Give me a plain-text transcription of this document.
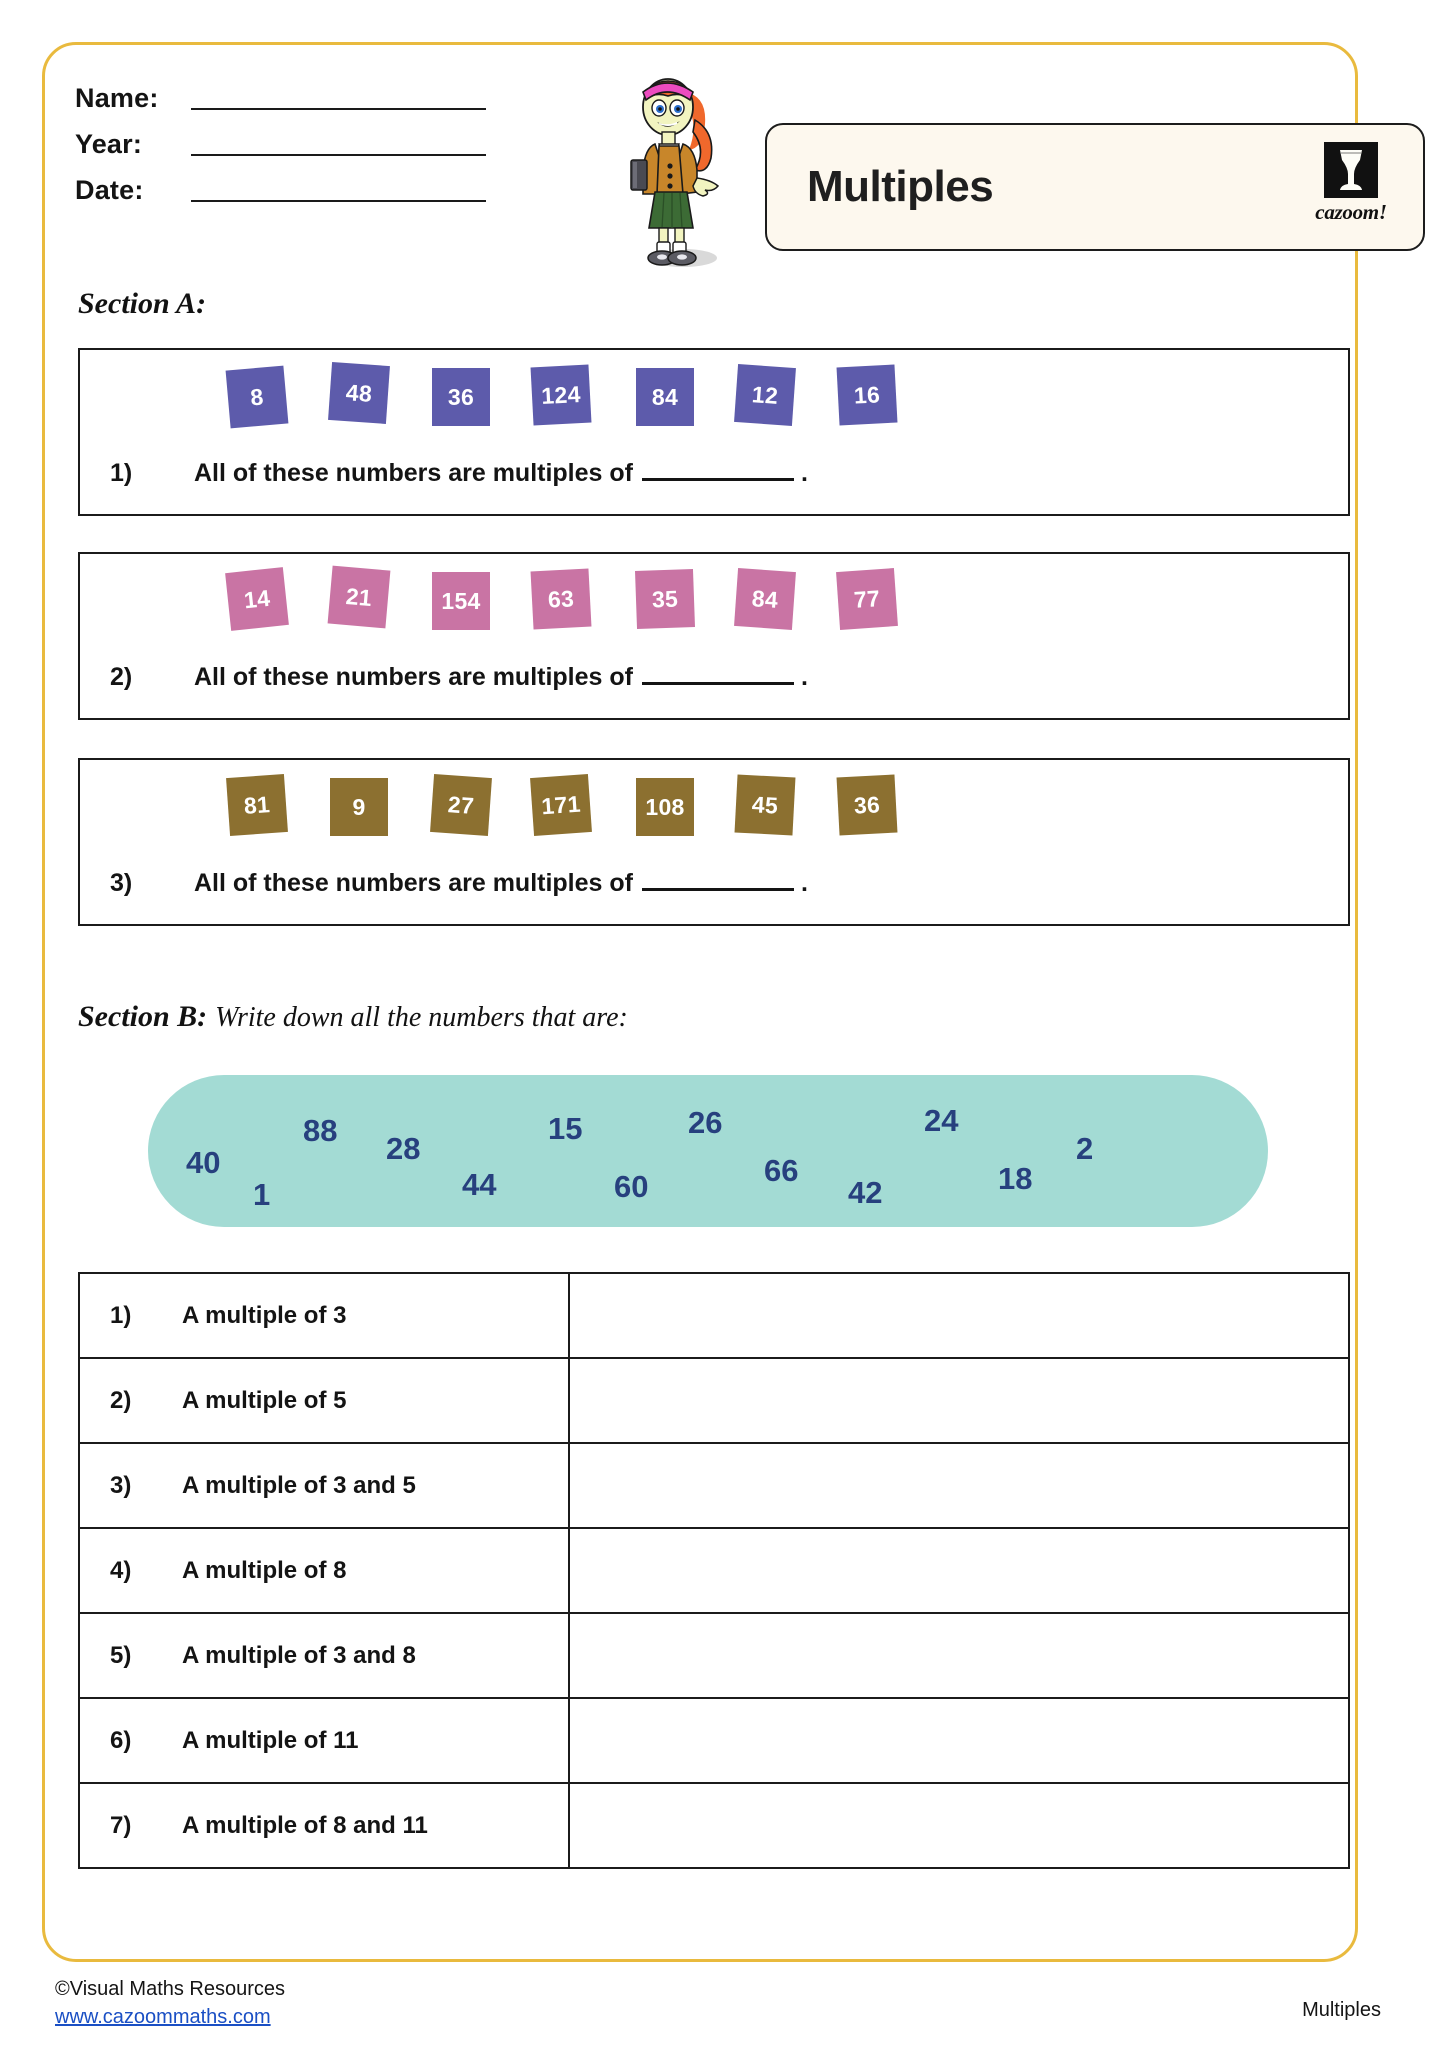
Name:
Year:
Date:	Multiples
cazoom!
Section A:
8	48	36	124	84	12	16
1)	All of these numbers are multiples of	.
14	21	154	63	35	84	77
2)	All of these numbers are multiples of	.
81	9	27	171	108	45	36
3)	All of these numbers are multiples of	.
Section B: Write down all the numbers that are:
40
88
1
28
44
15
60
26
66
42
24
18
2
1) A multiple of 3	

2) A multiple of 5	

3) A multiple of 3 and 5	

4) A multiple of 8	

5) A multiple of 3 and 8	

6) A multiple of 11	

7) A multiple of 8 and 11	

©Visual Maths Resources
www.cazoommaths.com	Multiples
